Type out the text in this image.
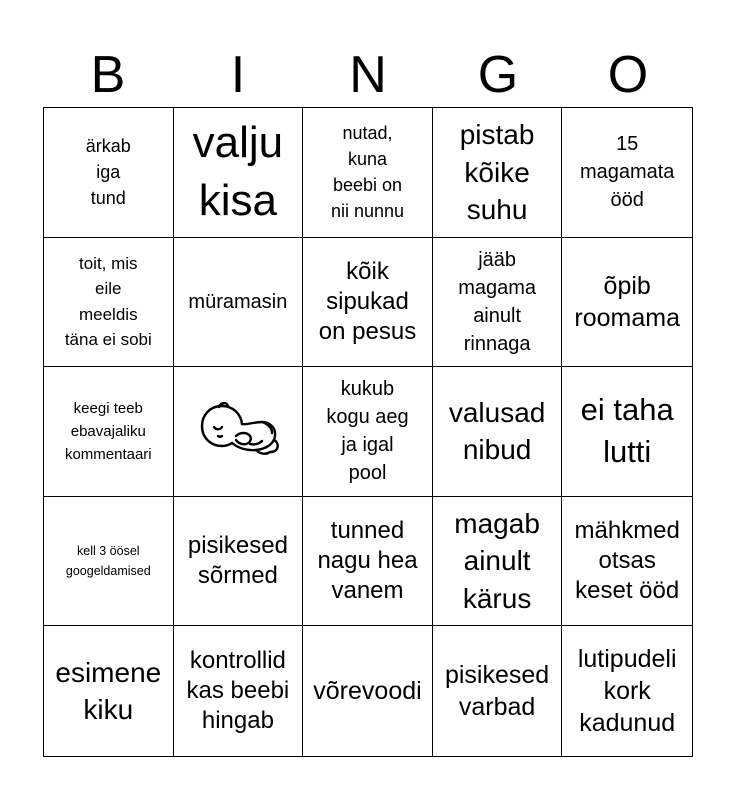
B	I	N	G	O
ärkab
iga
tund
valju
kisa
nutad,
kuna
beebi on
nii nunnu
pistab
kõike
suhu
15
magamata
ööd
toit, mis
eile
meeldis
täna ei sobi
müramasin
kõik
sipukad
on pesus
jääb
magama
ainult
rinnaga
õpib
roomama
keegi teeb
ebavajaliku
kommentaari
kukub
kogu aeg
ja igal
pool
valusad
nibud
ei taha
lutti
kell 3 öösel
googeldamised
pisikesed
sõrmed
tunned
nagu hea
vanem
magab
ainult
kärus
mähkmed
otsas
keset ööd
esimene
kiku
kontrollid
kas beebi
hingab
võrevoodi
pisikesed
varbad
lutipudeli
kork
kadunud
